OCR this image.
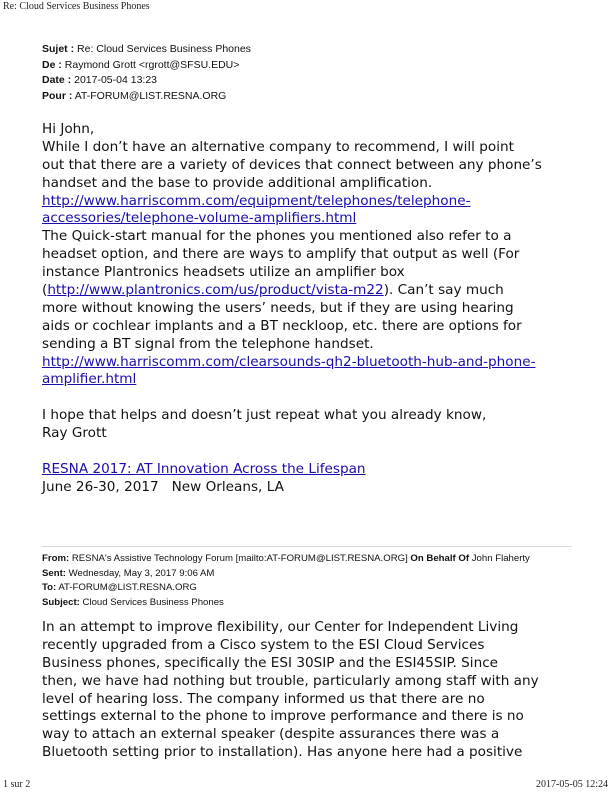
Re: Cloud Services Business Phones
Sujet : Re: Cloud Services Business Phones
De : Raymond Grott <rgrott@SFSU.EDU>
Date : 2017-05-04 13:23
Pour : AT-FORUM@LIST.RESNA.ORG
Hi John,
While I don’t have an alternative company to recommend, I will point
out that there are a variety of devices that connect between any phone’s
handset and the base to provide additional amplification.
http://www.harriscomm.com/equipment/telephones/telephone-
accessories/telephone-volume-amplifiers.html
The Quick-start manual for the phones you mentioned also refer to a
headset option, and there are ways to amplify that output as well (For
instance Plantronics headsets utilize an amplifier box
(http://www.plantronics.com/us/product/vista-m22). Can’t say much
more without knowing the users’ needs, but if they are using hearing
aids or cochlear implants and a BT neckloop, etc. there are options for
sending a BT signal from the telephone handset.
http://www.harriscomm.com/clearsounds-qh2-bluetooth-hub-and-phone-
amplifier.html
I hope that helps and doesn’t just repeat what you already know,
Ray Grott
RESNA 2017: AT Innovation Across the Lifespan
June 26-30, 2017   New Orleans, LA
From: RESNA's Assistive Technology Forum [mailto:AT-FORUM@LIST.RESNA.ORG] On Behalf Of John Flaherty
Sent: Wednesday, May 3, 2017 9:06 AM
To: AT-FORUM@LIST.RESNA.ORG
Subject: Cloud Services Business Phones
In an attempt to improve flexibility, our Center for Independent Living
recently upgraded from a Cisco system to the ESI Cloud Services
Business phones, specifically the ESI 30SIP and the ESI45SIP. Since
then, we have had nothing but trouble, particularly among staff with any
level of hearing loss. The company informed us that there are no
settings external to the phone to improve performance and there is no
way to attach an external speaker (despite assurances there was a
Bluetooth setting prior to installation). Has anyone here had a positive
1 sur 2	2017-05-05 12:24
